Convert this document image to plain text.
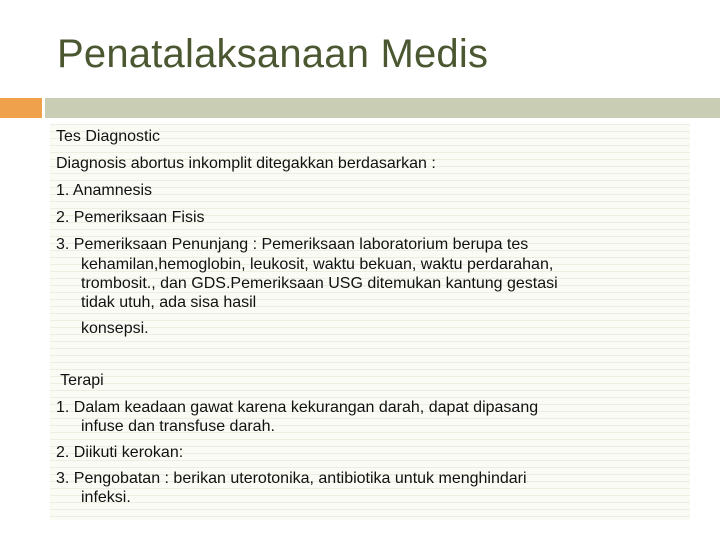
Penatalaksanaan Medis
Tes Diagnostic
Diagnosis abortus inkomplit ditegakkan berdasarkan :
1. Anamnesis
2. Pemeriksaan Fisis
3. Pemeriksaan Penunjang : Pemeriksaan laboratorium berupa tes
kehamilan,hemoglobin, leukosit, waktu bekuan, waktu perdarahan,
trombosit., dan GDS.Pemeriksaan USG ditemukan kantung gestasi
tidak utuh, ada sisa hasil
konsepsi.
Terapi
1. Dalam keadaan gawat karena kekurangan darah, dapat dipasang
infuse dan transfuse darah.
2. Diikuti kerokan:
3. Pengobatan : berikan uterotonika, antibiotika untuk menghindari
infeksi.
